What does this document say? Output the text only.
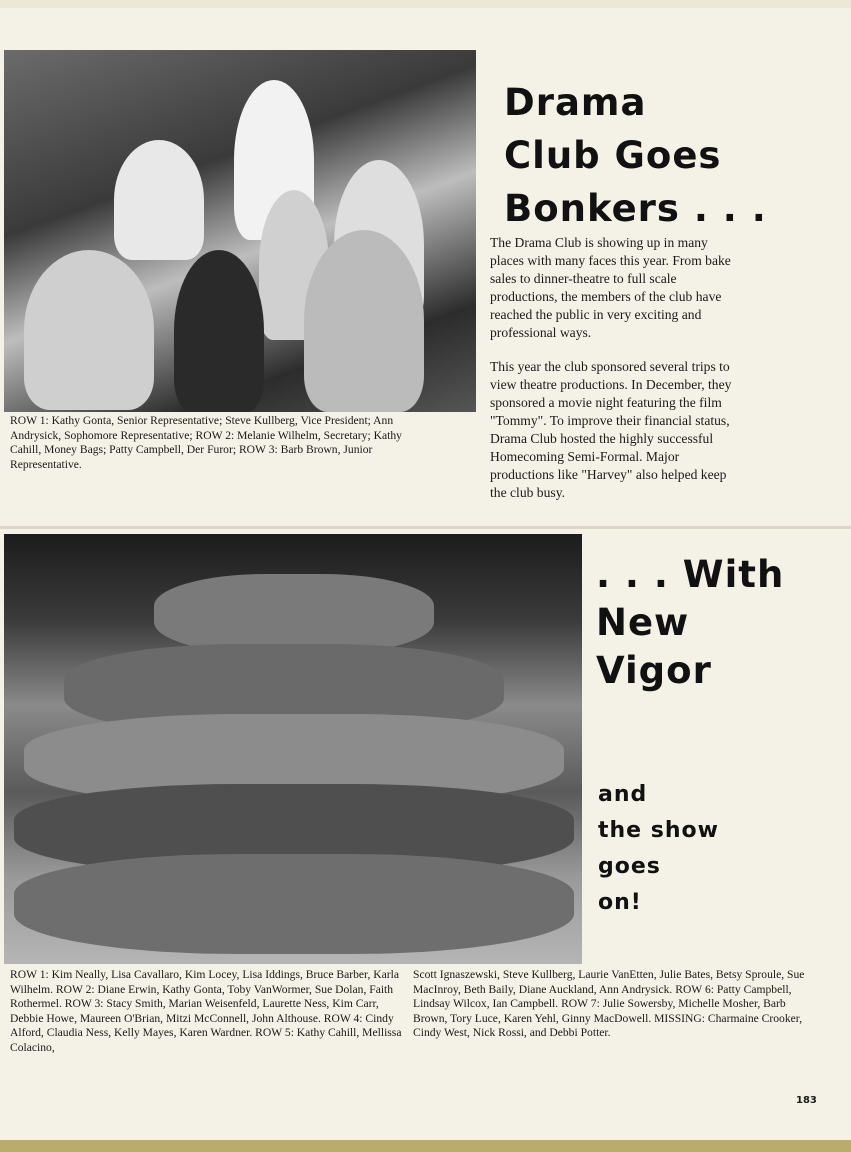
ROW 1: Kathy Gonta, Senior Representative; Steve Kullberg, Vice President; Ann Andrysick, Sophomore Representative; ROW 2: Melanie Wilhelm, Secretary; Kathy Cahill, Money Bags; Patty Campbell, Der Furor; ROW 3: Barb Brown, Junior Representative.

Drama
Club Goes
Bonkers . . .

The Drama Club is showing up in many places with many faces this year. From bake sales to dinner-theatre to full scale productions, the members of the club have reached the public in very exciting and professional ways.

This year the club sponsored several trips to view theatre productions. In December, they sponsored a movie night featuring the film "Tommy". To improve their financial status, Drama Club hosted the highly successful Homecoming Semi-Formal. Major productions like "Harvey" also helped keep the club busy.

. . . With
New
Vigor
and
the show
goes
on!

ROW 1: Kim Neally, Lisa Cavallaro, Kim Locey, Lisa Iddings, Bruce Barber, Karla Wilhelm. ROW 2: Diane Erwin, Kathy Gonta, Toby VanWormer, Sue Dolan, Faith Rothermel. ROW 3: Stacy Smith, Marian Weisenfeld, Laurette Ness, Kim Carr, Debbie Howe, Maureen O'Brian, Mitzi McConnell, John Althouse. ROW 4: Cindy Alford, Claudia Ness, Kelly Mayes, Karen Wardner. ROW 5: Kathy Cahill, Mellissa Colacino,

Scott Ignaszewski, Steve Kullberg, Laurie VanEtten, Julie Bates, Betsy Sproule, Sue MacInroy, Beth Baily, Diane Auckland, Ann Andrysick. ROW 6: Patty Campbell, Lindsay Wilcox, Ian Campbell. ROW 7: Julie Sowersby, Michelle Mosher, Barb Brown, Tory Luce, Karen Yehl, Ginny MacDowell. MISSING: Charmaine Crooker, Cindy West, Nick Rossi, and Debbi Potter.

183
